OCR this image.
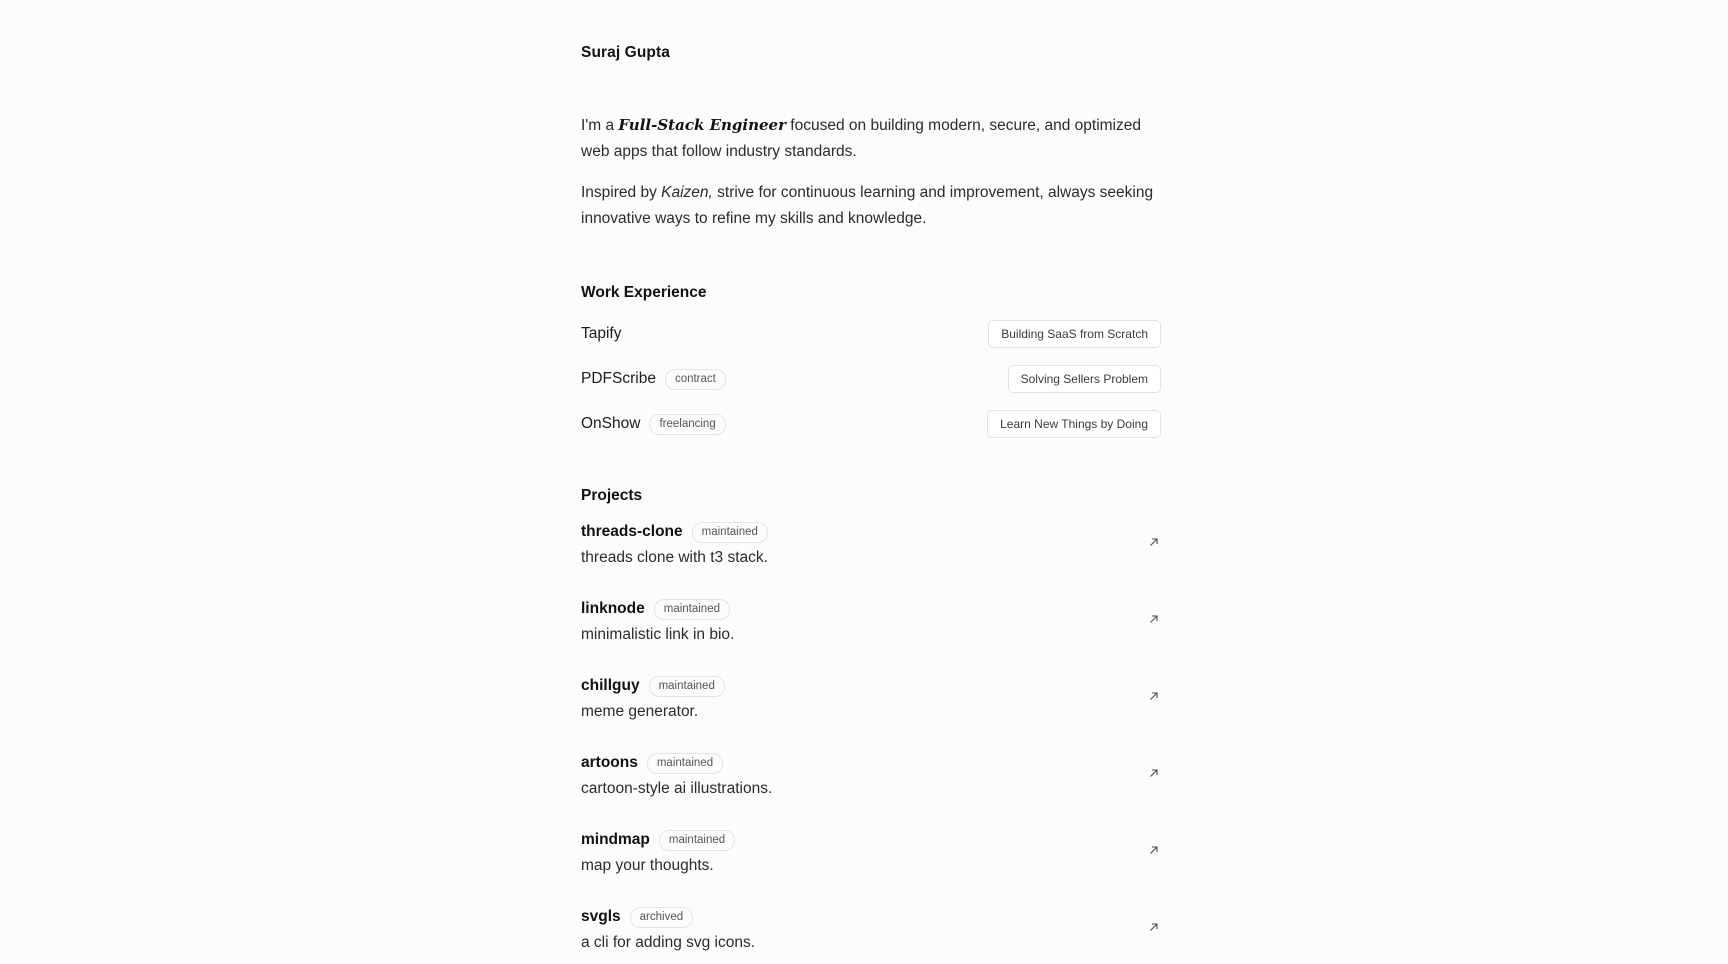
Suraj Gupta

I'm a Full-Stack Engineer focused on building modern, secure, and optimized web apps that follow industry standards.

Inspired by Kaizen, strive for continuous learning and improvement, always seeking innovative ways to refine my skills and knowledge.

Work Experience
Tapify	Building SaaS from Scratch
PDFScribe	contract	Solving Sellers Problem
OnShow	freelancing	Learn New Things by Doing
Projects
threads-clone	maintained
threads clone with t3 stack.
linknode	maintained
minimalistic link in bio.
chillguy	maintained
meme generator.
artoons	maintained
cartoon-style ai illustrations.
mindmap	maintained
map your thoughts.
svgls	archived
a cli for adding svg icons.
